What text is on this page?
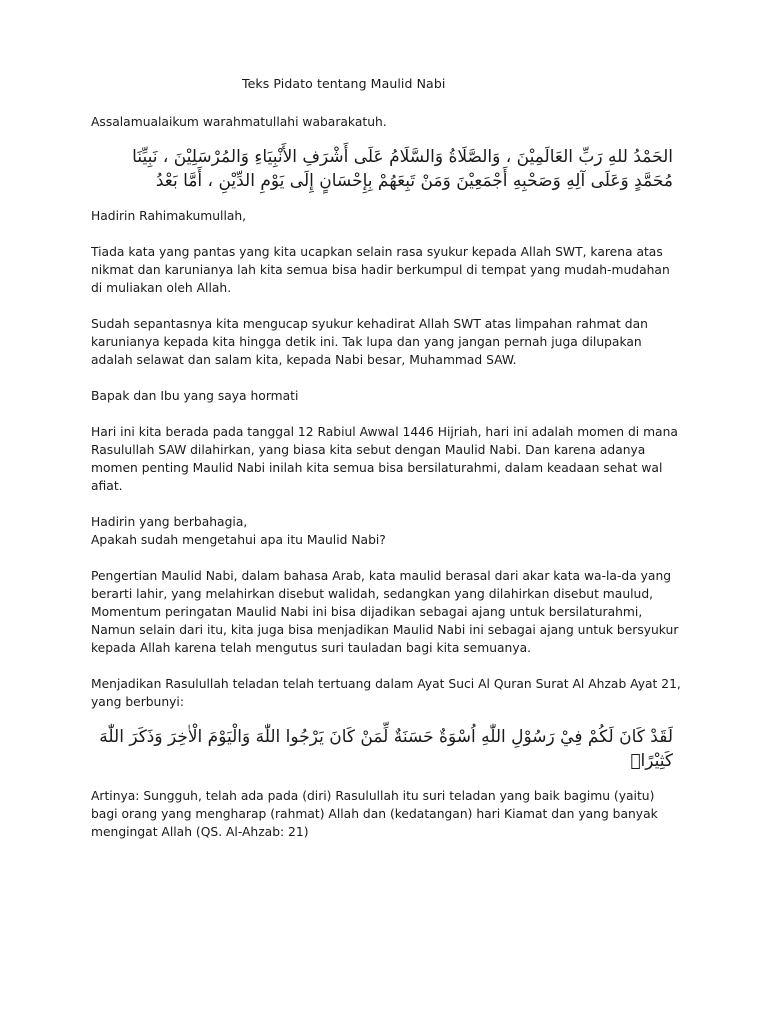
Teks Pidato tentang Maulid Nabi

Assalamualaikum warahmatullahi wabarakatuh.

الحَمْدُ للهِ رَبِّ العَالَمِيْنَ ، وَالصَّلَاةُ وَالسَّلَامُ عَلَى أَشْرَفِ الأَنْبِيَاءِ وَالمُرْسَلِيْنَ ، نَبِيِّنَا مُحَمَّدٍ وَعَلَى آلِهِ وَصَحْبِهِ أَجْمَعِيْنَ وَمَنْ تَبِعَهُمْ بِإِحْسَانٍ إِلَى يَوْمِ الدِّيْنِ ، أَمَّا بَعْدُ

Hadirin Rahimakumullah,

Tiada kata yang pantas yang kita ucapkan selain rasa syukur kepada Allah SWT, karena atas nikmat dan karunianya lah kita semua bisa hadir berkumpul di tempat yang mudah-mudahan di muliakan oleh Allah.

Sudah sepantasnya kita mengucap syukur kehadirat Allah SWT atas limpahan rahmat dan karunianya kepada kita hingga detik ini. Tak lupa dan yang jangan pernah juga dilupakan adalah selawat dan salam kita, kepada Nabi besar, Muhammad SAW.

Bapak dan Ibu yang saya hormati

Hari ini kita berada pada tanggal 12 Rabiul Awwal 1446 Hijriah, hari ini adalah momen di mana Rasulullah SAW dilahirkan, yang biasa kita sebut dengan Maulid Nabi. Dan karena adanya momen penting Maulid Nabi inilah kita semua bisa bersilaturahmi, dalam keadaan sehat wal afiat.

Hadirin yang berbahagia,

Apakah sudah mengetahui apa itu Maulid Nabi?

Pengertian Maulid Nabi, dalam bahasa Arab, kata maulid berasal dari akar kata wa-la-da yang berarti lahir, yang melahirkan disebut walidah, sedangkan yang dilahirkan disebut maulud,

Momentum peringatan Maulid Nabi ini bisa dijadikan sebagai ajang untuk bersilaturahmi, Namun selain dari itu, kita juga bisa menjadikan Maulid Nabi ini sebagai ajang untuk bersyukur kepada Allah karena telah mengutus suri tauladan bagi kita semuanya.

Menjadikan Rasulullah teladan telah tertuang dalam Ayat Suci Al Quran Surat Al Ahzab Ayat 21, yang berbunyi:

لَقَدْ كَانَ لَكُمْ فِيْ رَسُوْلِ اللّٰهِ اُسْوَةٌ حَسَنَةٌ لِّمَنْ كَانَ يَرْجُوا اللّٰهَ وَالْيَوْمَ الْاٰخِرَ وَذَكَرَ اللّٰهَ كَثِيْرًاۗ

Artinya: Sungguh, telah ada pada (diri) Rasulullah itu suri teladan yang baik bagimu (yaitu) bagi orang yang mengharap (rahmat) Allah dan (kedatangan) hari Kiamat dan yang banyak mengingat Allah (QS. Al-Ahzab: 21)
